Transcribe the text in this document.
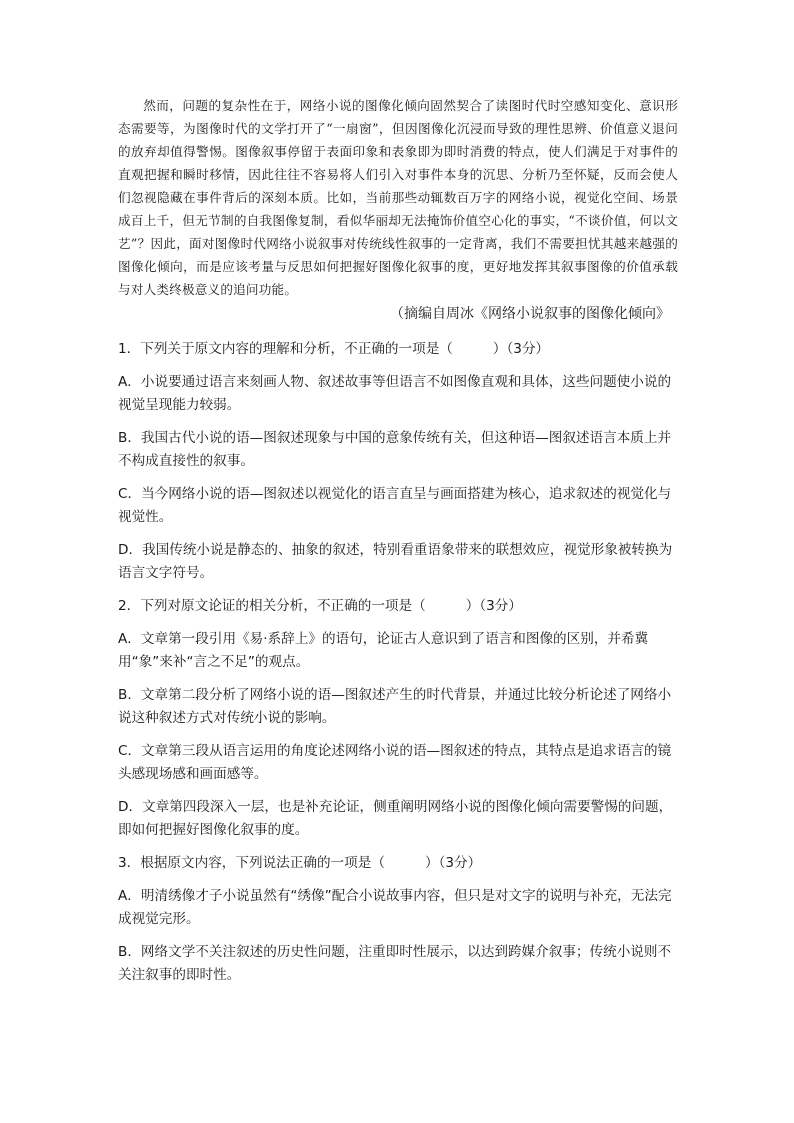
然而，问题的复杂性在于，网络小说的图像化倾向固然契合了读图时代时空感知变化、意识形态需要等，为图像时代的文学打开了“一扇窗”，但因图像化沉浸而导致的理性思辨、价值意义退问的放弃却值得警惕。图像叙事停留于表面印象和表象即为即时消费的特点，使人们满足于对事件的直观把握和瞬时移情，因此往往不容易将人们引入对事件本身的沉思、分析乃至怀疑，反而会使人们忽视隐藏在事件背后的深刻本质。比如，当前那些动辄数百万字的网络小说，视觉化空间、场景成百上千，但无节制的自我图像复制，看似华丽却无法掩饰价值空心化的事实，“不谈价值，何以文艺”？因此，面对图像时代网络小说叙事对传统线性叙事的一定背离，我们不需要担忧其越来越强的图像化倾向，而是应该考量与反思如何把握好图像化叙事的度，更好地发挥其叙事图像的价值承载与对人类终极意义的追问功能。

（摘编自周冰《网络小说叙事的图像化倾向》

1．下列关于原文内容的理解和分析，不正确的一项是（	）（3分）

A．小说要通过语言来刻画人物、叙述故事等但语言不如图像直观和具体，这些问题使小说的视觉呈现能力较弱。

B．我国古代小说的语—图叙述现象与中国的意象传统有关，但这种语—图叙述语言本质上并不构成直接性的叙事。

C．当今网络小说的语—图叙述以视觉化的语言直呈与画面搭建为核心，追求叙述的视觉化与视觉性。

D．我国传统小说是静态的、抽象的叙述，特别看重语象带来的联想效应，视觉形象被转换为语言文字符号。

2．下列对原文论证的相关分析，不正确的一项是（	）（3分）

A．文章第一段引用《易·系辞上》的语句，论证古人意识到了语言和图像的区别，并希冀用“象”来补“言之不足”的观点。

B．文章第二段分析了网络小说的语—图叙述产生的时代背景，并通过比较分析论述了网络小说这种叙述方式对传统小说的影响。

C．文章第三段从语言运用的角度论述网络小说的语—图叙述的特点，其特点是追求语言的镜头感现场感和画面感等。

D．文章第四段深入一层，也是补充论证，侧重阐明网络小说的图像化倾向需要警惕的问题，即如何把握好图像化叙事的度。

3．根据原文内容，下列说法正确的一项是（	）（3分）

A．明清绣像才子小说虽然有“绣像”配合小说故事内容，但只是对文字的说明与补充，无法完成视觉完形。

B．网络文学不关注叙述的历史性问题，注重即时性展示，以达到跨媒介叙事；传统小说则不关注叙事的即时性。
